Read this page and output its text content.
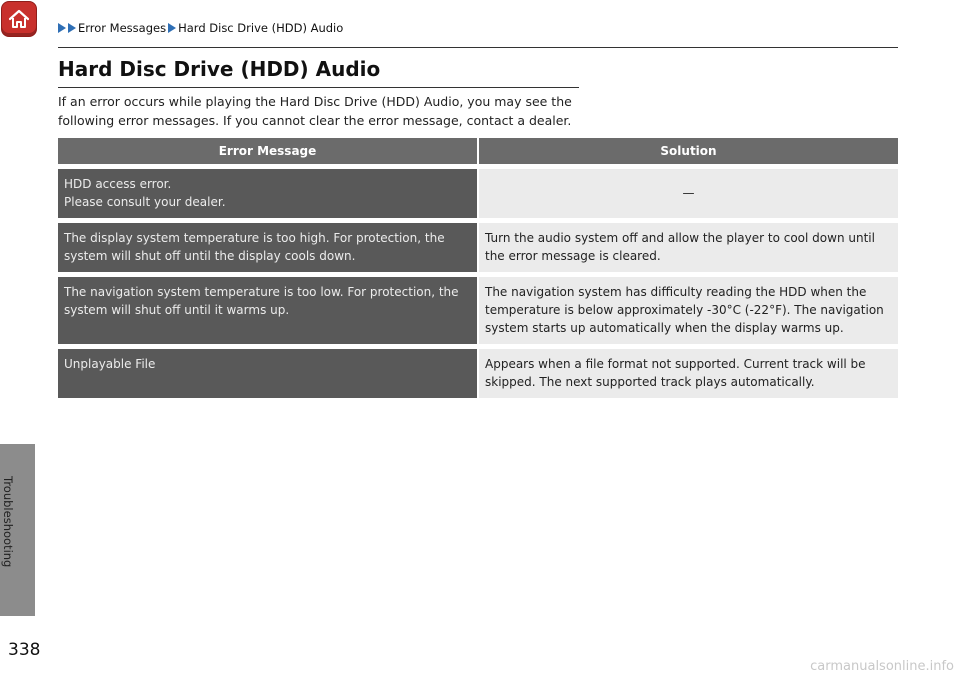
Error Messages Hard Disc Drive (HDD) Audio
Hard Disc Drive (HDD) Audio
If an error occurs while playing the Hard Disc Drive (HDD) Audio, you may see the following error messages. If you cannot clear the error message, contact a dealer.
Error Message	Solution

HDD access error.
Please consult your dealer.	—
The display system temperature is too high. For protection, the system will shut off until the display cools down.	Turn the audio system off and allow the player to cool down until the error message is cleared.
The navigation system temperature is too low. For protection, the system will shut off until it warms up.	The navigation system has difficulty reading the HDD when the temperature is below approximately -30°C (-22°F). The navigation system starts up automatically when the display warms up.
Unplayable File	Appears when a file format not supported. Current track will be skipped. The next supported track plays automatically.
Troubleshooting
338
carmanualsonline.info
